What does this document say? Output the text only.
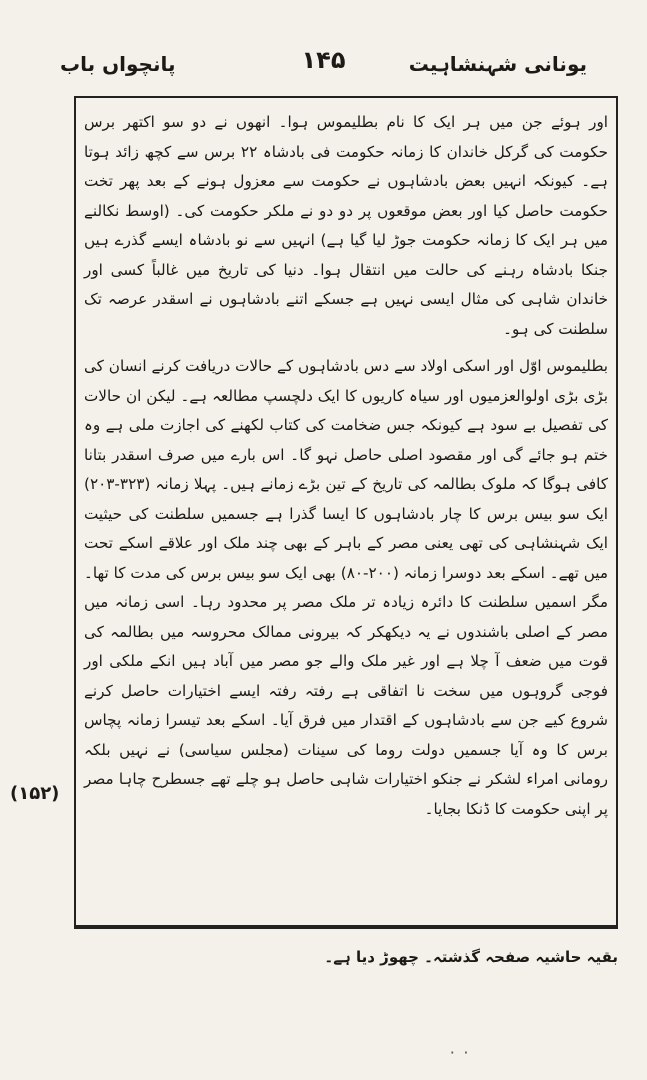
یونانی شہنشاہیت
۱۴۵
پانچواں باب

اور ہوئے جن میں ہر ایک کا نام بطلیموس ہوا۔ انھوں نے دو سو اکتھر برس حکومت کی گرکل خاندان کا زمانہ حکومت فی بادشاہ ۲۲ برس سے کچھ زائد ہوتا ہے۔ کیونکہ انہیں بعض بادشاہوں نے حکومت سے معزول ہونے کے بعد پھر تخت حکومت حاصل کیا اور بعض موقعوں پر دو دو نے ملکر حکومت کی۔ (اوسط نکالنے میں ہر ایک کا زمانہ حکومت جوڑ لیا گیا ہے) انہیں سے نو بادشاہ ایسے گذرے ہیں جنکا بادشاہ رہنے کی حالت میں انتقال ہوا۔ دنیا کی تاریخ میں غالباً کسی اور خاندان شاہی کی مثال ایسی نہیں ہے جسکے اتنے بادشاہوں نے اسقدر عرصہ تک سلطنت کی ہو۔

بطلیموس اوّل اور اسکی اولاد سے دس بادشاہوں کے حالات دریافت کرنے انسان کی بڑی بڑی اولوالعزمیوں اور سیاہ کاریوں کا ایک دلچسپ مطالعہ ہے۔ لیکن ان حالات کی تفصیل بے سود ہے کیونکہ جس ضخامت کی کتاب لکھنے کی اجازت ملی ہے وہ ختم ہو جائے گی اور مقصود اصلی حاصل نہو گا۔ اس بارے میں صرف اسقدر بتانا کافی ہوگا کہ ملوک بطالمہ کی تاریخ کے تین بڑے زمانے ہیں۔ پہلا زمانہ (۳۲۳-۲۰۳) ایک سو بیس برس کا چار بادشاہوں کا ایسا گذرا ہے جسمیں سلطنت کی حیثیت ایک شہنشاہی کی تھی یعنی مصر کے باہر کے بھی چند ملک اور علاقے اسکے تحت میں تھے۔ اسکے بعد دوسرا زمانہ (۲۰۰-۸۰) بھی ایک سو بیس برس کی مدت کا تھا۔ مگر اسمیں سلطنت کا دائرہ زیادہ تر ملک مصر پر محدود رہا۔ اسی زمانہ میں مصر کے اصلی باشندوں نے یہ دیکھکر کہ بیرونی ممالک محروسہ میں بطالمہ کی قوت میں ضعف آ چلا ہے اور غیر ملک والے جو مصر میں آباد ہیں انکے ملکی اور فوجی گروہوں میں سخت نا اتفاقی ہے رفتہ رفتہ ایسے اختیارات حاصل کرنے شروع کیے جن سے بادشاہوں کے اقتدار میں فرق آیا۔ اسکے بعد تیسرا زمانہ پچاس برس کا وہ آیا جسمیں دولت روما کی سینات (مجلس سیاسی) نے نہیں بلکہ رومانی امراء لشکر نے جنکو اختیارات شاہی حاصل ہو چلے تھے جسطرح چاہا مصر پر اپنی حکومت کا ڈنکا بجایا۔

(۱۵۲)
بقیہ حاشیہ صفحہ گذشتہ۔ چھوڑ دیا ہے۔
۰ ۰
